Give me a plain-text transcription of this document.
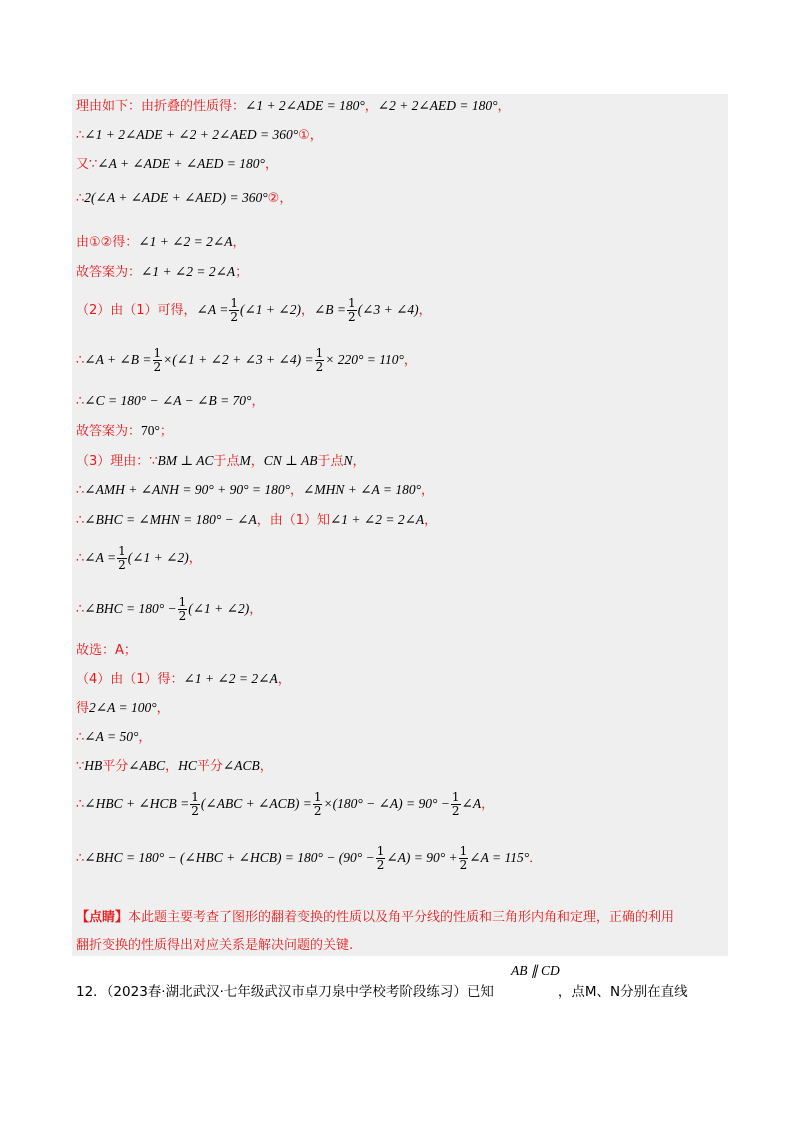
理由如下：由折叠的性质得：∠1 + 2∠ADE = 180°，∠2 + 2∠AED = 180°，
∴∠1 + 2∠ADE + ∠2 + 2∠AED = 360°①，
又∵∠A + ∠ADE + ∠AED = 180°，
∴2(∠A + ∠ADE + ∠AED) = 360°②，
由①②得：∠1 + ∠2 = 2∠A，
故答案为：∠1 + ∠2 = 2∠A；
（2）由（1）可得，∠A = $\frac{1}{2}$ (∠1 + ∠2)，∠B = $\frac{1}{2}$ (∠3 + ∠4)，
∴∠A + ∠B = $\frac{1}{2}$ ×(∠1 + ∠2 + ∠3 + ∠4) = $\frac{1}{2} \times 220^\circ = 110^\circ$，
∴∠C = 180° − ∠A − ∠B = 70°，
故答案为：70°；
（3）理由：∵BM ⊥ AC于点M，CN ⊥ AB于点N，
∴∠AMH + ∠ANH = 90° + 90° = 180°，∠MHN + ∠A = 180°，
∴∠BHC = ∠MHN = 180° − ∠A，由（1）知∠1 + ∠2 = 2∠A，
∴∠A = $\frac{1}{2}$ (∠1 + ∠2)，
∴∠BHC = $180^\circ - \frac{1}{2}$ (∠1 + ∠2)，
故选：A；
（4）由（1）得：∠1 + ∠2 = 2∠A，
得2∠A = 100°，
∴∠A = 50°，
∵HB平分∠ABC，HC平分∠ACB，
∴∠HBC + ∠HCB = $\frac{1}{2}$ (∠ABC + ∠ACB) = $\frac{1}{2} \times(180^\circ$ − ∠A) = $90^\circ - \frac{1}{2}$ ∠A，
∴∠BHC = 180° − (∠HBC + ∠HCB) = $180^\circ - (90^\circ - \frac{1}{2}$ ∠A) = $90^\circ + \frac{1}{2}$ ∠A = 115°．
【点睛】本此题主要考查了图形的翻着变换的性质以及角平分线的性质和三角形内角和定理，正确的利用
翻折变换的性质得出对应关系是解决问题的关键.
AB ∥ CD
12．（2023春·湖北武汉·七年级武汉市卓刀泉中学校考阶段练习）已知	，点M、N分别在直线
